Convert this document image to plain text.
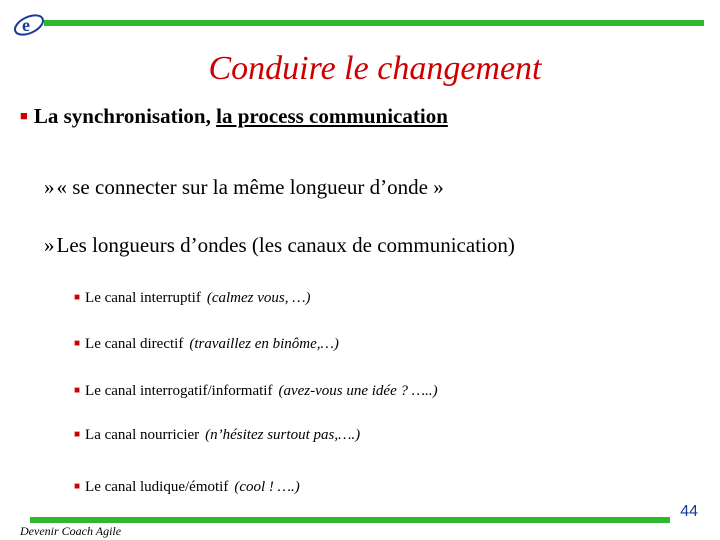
e
Conduire le changement
■ La synchronisation, la process communication
»« se connecter sur la même longueur d’onde »
»Les longueurs d’ondes (les canaux de communication)
■ Le canal interruptif (calmez vous, …)
■ Le canal directif (travaillez en binôme,…)
■ Le canal interrogatif/informatif (avez-vous une idée ? …..)
■ La canal nourricier (n’hésitez surtout pas,….)
■ Le canal ludique/émotif (cool ! ….)
44
Devenir Coach Agile
